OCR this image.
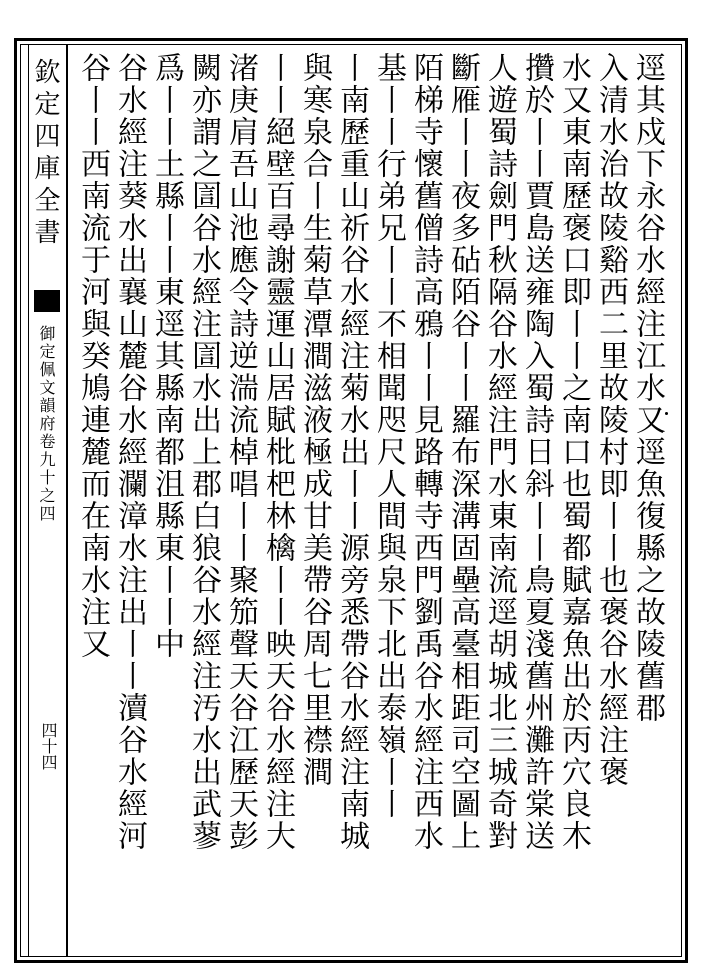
欽定四庫全書
御定佩文韻府卷九十之四
四十四
逕其戍下永谷水經注江水又逕魚復縣之故陵舊郡
入清水治故陵谿西二里故陵村即丨丨也褒谷水經注褒
水又東南歷褒口即丨丨之南口也蜀都賦嘉魚出於丙穴良木
攢於丨丨賈島送雍陶入蜀詩日斜丨丨鳥夏淺舊州灘許棠送
人遊蜀詩劍門秋隔谷水經注門水東南流逕胡城北三城奇對
斷雁丨丨夜多砧陌谷丨丨羅布深溝固壘高臺相距司空圖上
陌梯寺懷舊僧詩高鴉丨丨見路轉寺西門劉禹谷水經注西水
基丨丨行弟兄丨丨不相聞咫尺人間與泉下北出泰嶺丨丨
丨南歷重山祈谷水經注菊水出丨丨源旁悉帶谷水經注南城
與寒泉合丨生菊草潭澗滋液極成甘美帶谷周七里襟澗
丨丨絕壁百尋謝靈運山居賦枇杷林檎丨丨映天谷水經注大
渚庚肩吾山池應令詩逆湍流棹唱丨丨聚笳聲天谷江歷天彭
闕亦謂之圁谷水經注圁水出上郡白狼谷水經注汚水出武蓼
爲丨丨土縣丨丨東逕其縣南都沮縣東丨丨中
谷水經注葵水出襄山麓谷水經瀾漳水注出丨丨瀆谷水經河
谷丨丨西南流于河與癸鳩連麓而在南水注又
